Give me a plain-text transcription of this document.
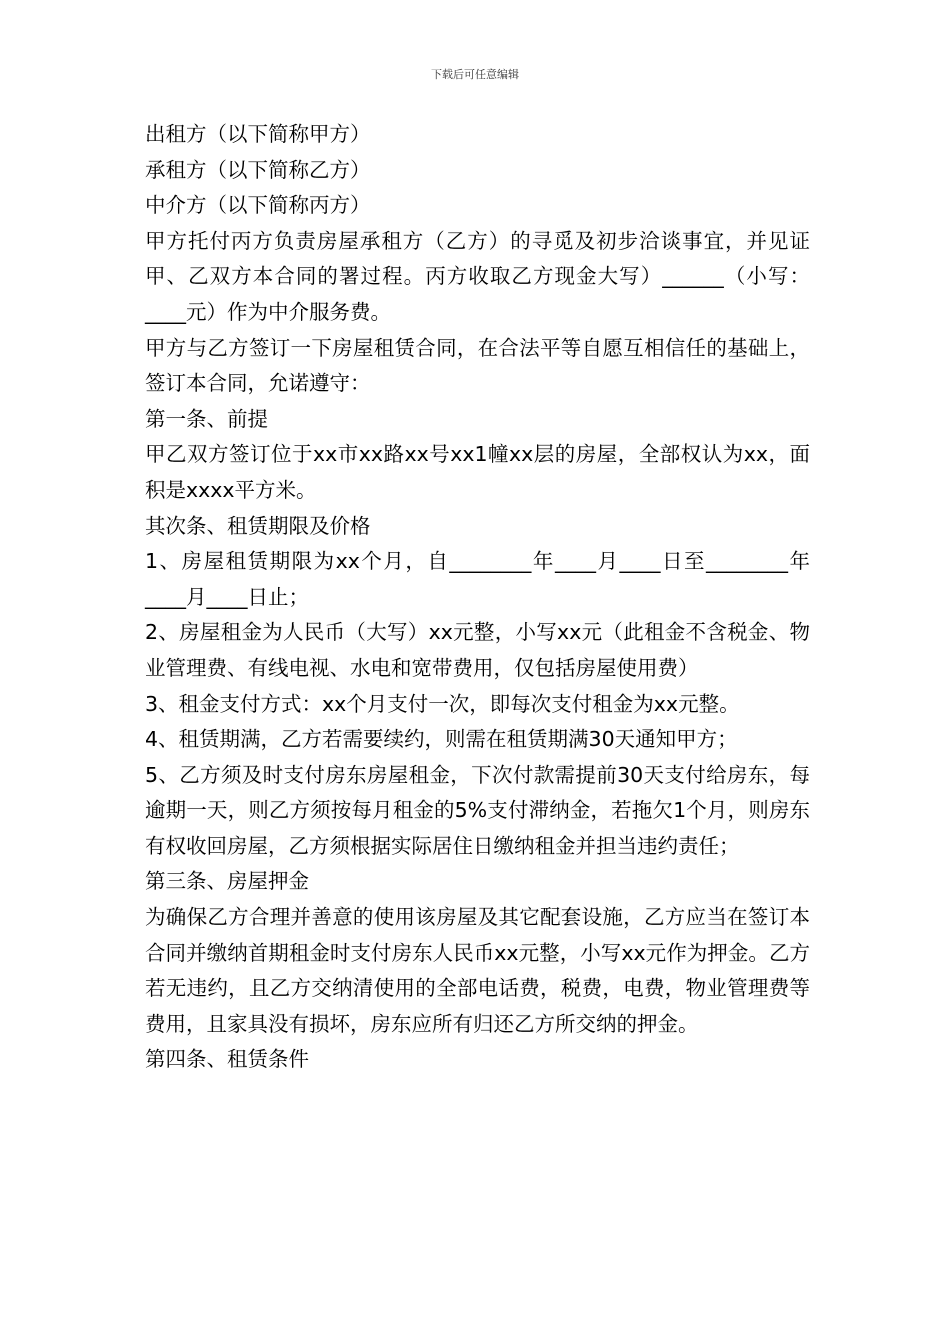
下载后可任意编辑

出租方（以下简称甲方）

承租方（以下简称乙方）

中介方（以下简称丙方）

甲方托付丙方负责房屋承租方（乙方）的寻觅及初步洽谈事宜，并见证甲、乙双方本合同的署过程。丙方收取乙方现金大写）______（小写：____元）作为中介服务费。

甲方与乙方签订一下房屋租赁合同，在合法平等自愿互相信任的基础上，签订本合同，允诺遵守：

第一条、前提

甲乙双方签订位于xx市xx路xx号xx1幢xx层的房屋，全部权认为xx，面积是xxxx平方米。

其次条、租赁期限及价格

1、房屋租赁期限为xx个月，自________年____月____日至________年____月____日止；

2、房屋租金为人民币（大写）xx元整，小写xx元（此租金不含税金、物业管理费、有线电视、水电和宽带费用，仅包括房屋使用费）

3、租金支付方式：xx个月支付一次，即每次支付租金为xx元整。

4、租赁期满，乙方若需要续约，则需在租赁期满30天通知甲方；

5、乙方须及时支付房东房屋租金，下次付款需提前30天支付给房东，每逾期一天，则乙方须按每月租金的5%支付滞纳金，若拖欠1个月，则房东有权收回房屋，乙方须根据实际居住日缴纳租金并担当违约责任；

第三条、房屋押金

为确保乙方合理并善意的使用该房屋及其它配套设施，乙方应当在签订本合同并缴纳首期租金时支付房东人民币xx元整，小写xx元作为押金。乙方若无违约，且乙方交纳清使用的全部电话费，税费，电费，物业管理费等费用，且家具没有损坏，房东应所有归还乙方所交纳的押金。

第四条、租赁条件
